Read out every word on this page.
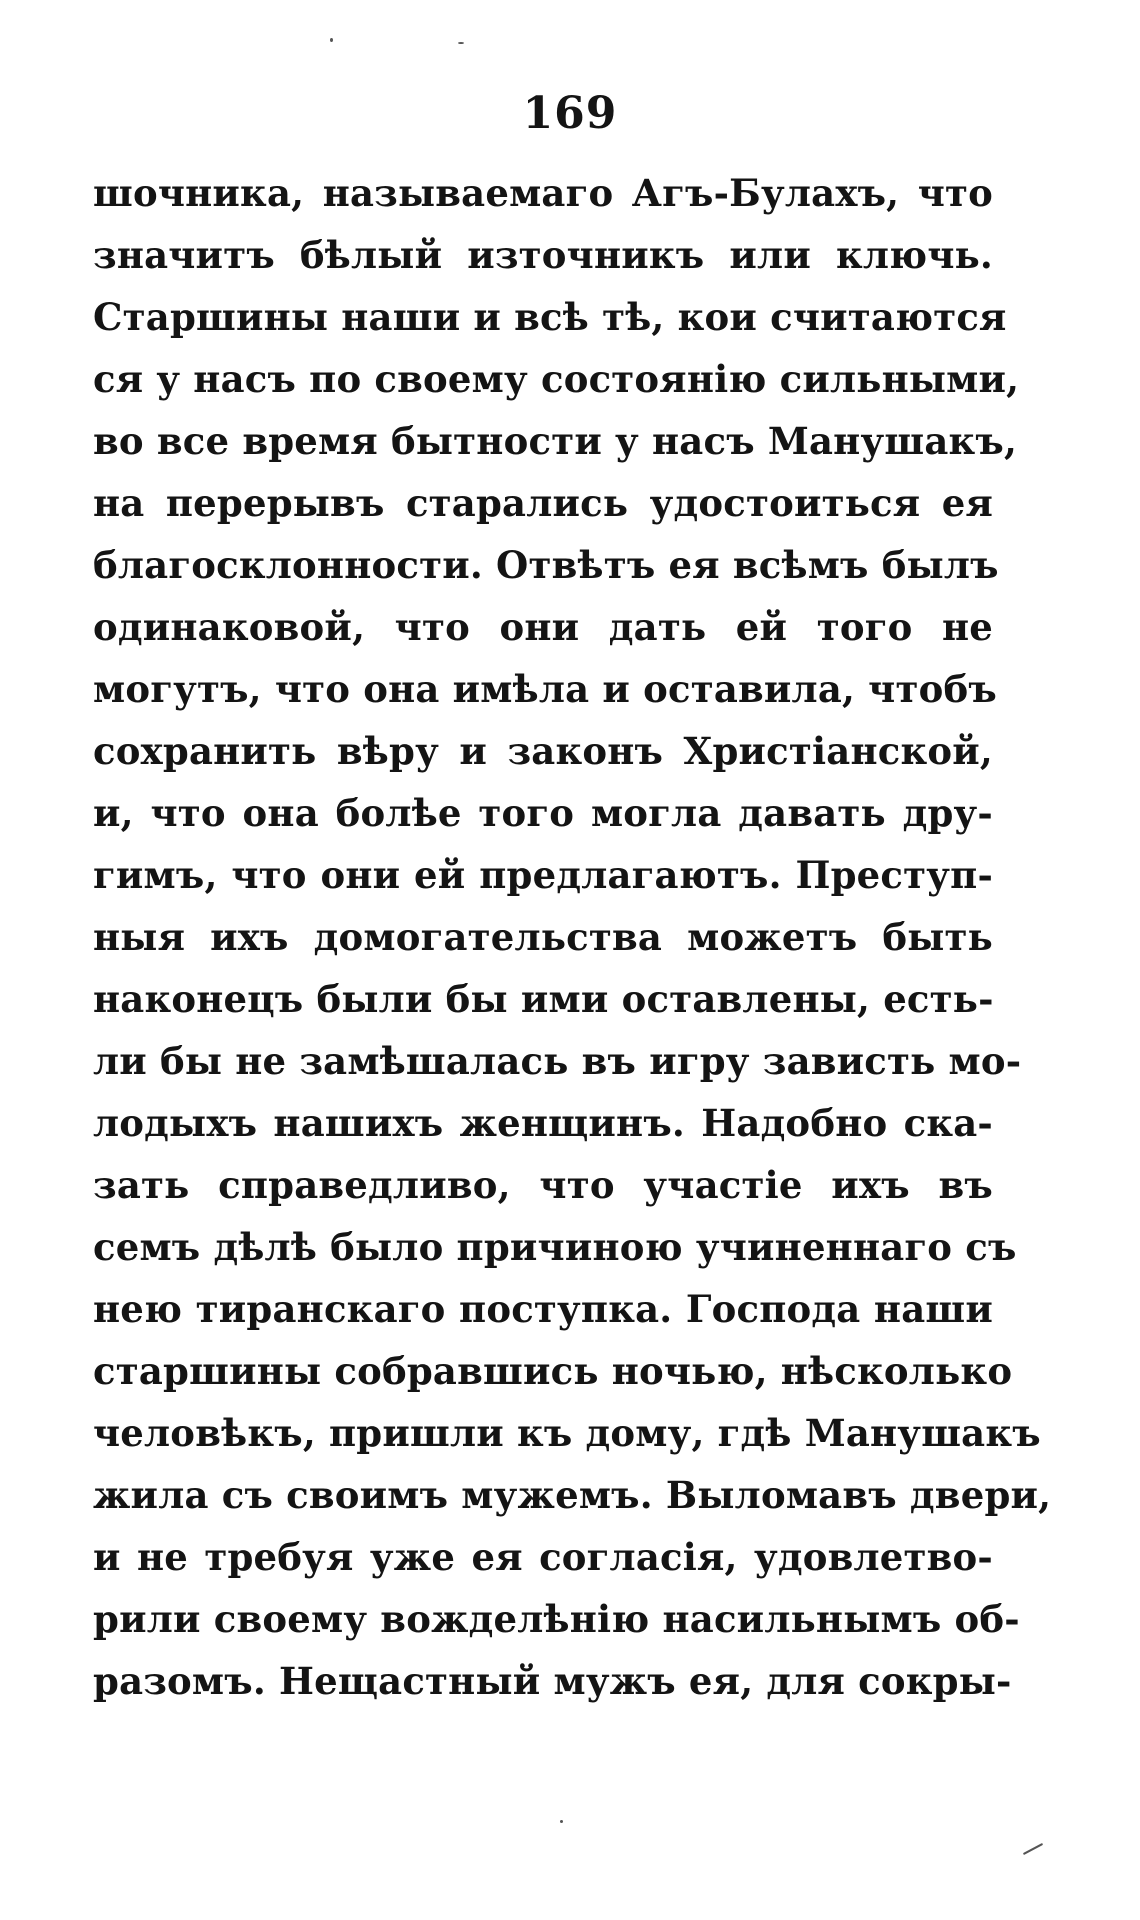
169
шочника, называемаго Агъ-Булахъ, что
значитъ бѣлый източникъ или ключь.
Старшины наши и всѣ тѣ, кои считаются
ся у насъ по своему состоянію сильными,
во все время бытности у насъ Манушакъ,
на перерывъ старались удостоиться ея
благосклонности. Отвѣтъ ея всѣмъ былъ
одинаковой, что они дать ей того не
могутъ, что она имѣла и оставила, чтобъ
сохранить вѣру и законъ Христіанской,
и, что она болѣе того могла давать дру-
гимъ, что они ей предлагаютъ. Преступ-
ныя ихъ домогательства можетъ быть
наконецъ были бы ими оставлены, есть-
ли бы не замѣшалась въ игру зависть мо-
лодыхъ нашихъ женщинъ. Надобно ска-
зать справедливо, что участіе ихъ въ
семъ дѣлѣ было причиною учиненнаго съ
нею тиранскаго поступка. Господа наши
старшины собравшись ночью, нѣсколько
человѣкъ, пришли къ дому, гдѣ Манушакъ
жила съ своимъ мужемъ. Выломавъ двери,
и не требуя уже ея согласія, удовлетво-
рили своему вожделѣнію насильнымъ об-
разомъ. Нещастный мужъ ея, для сокры-
